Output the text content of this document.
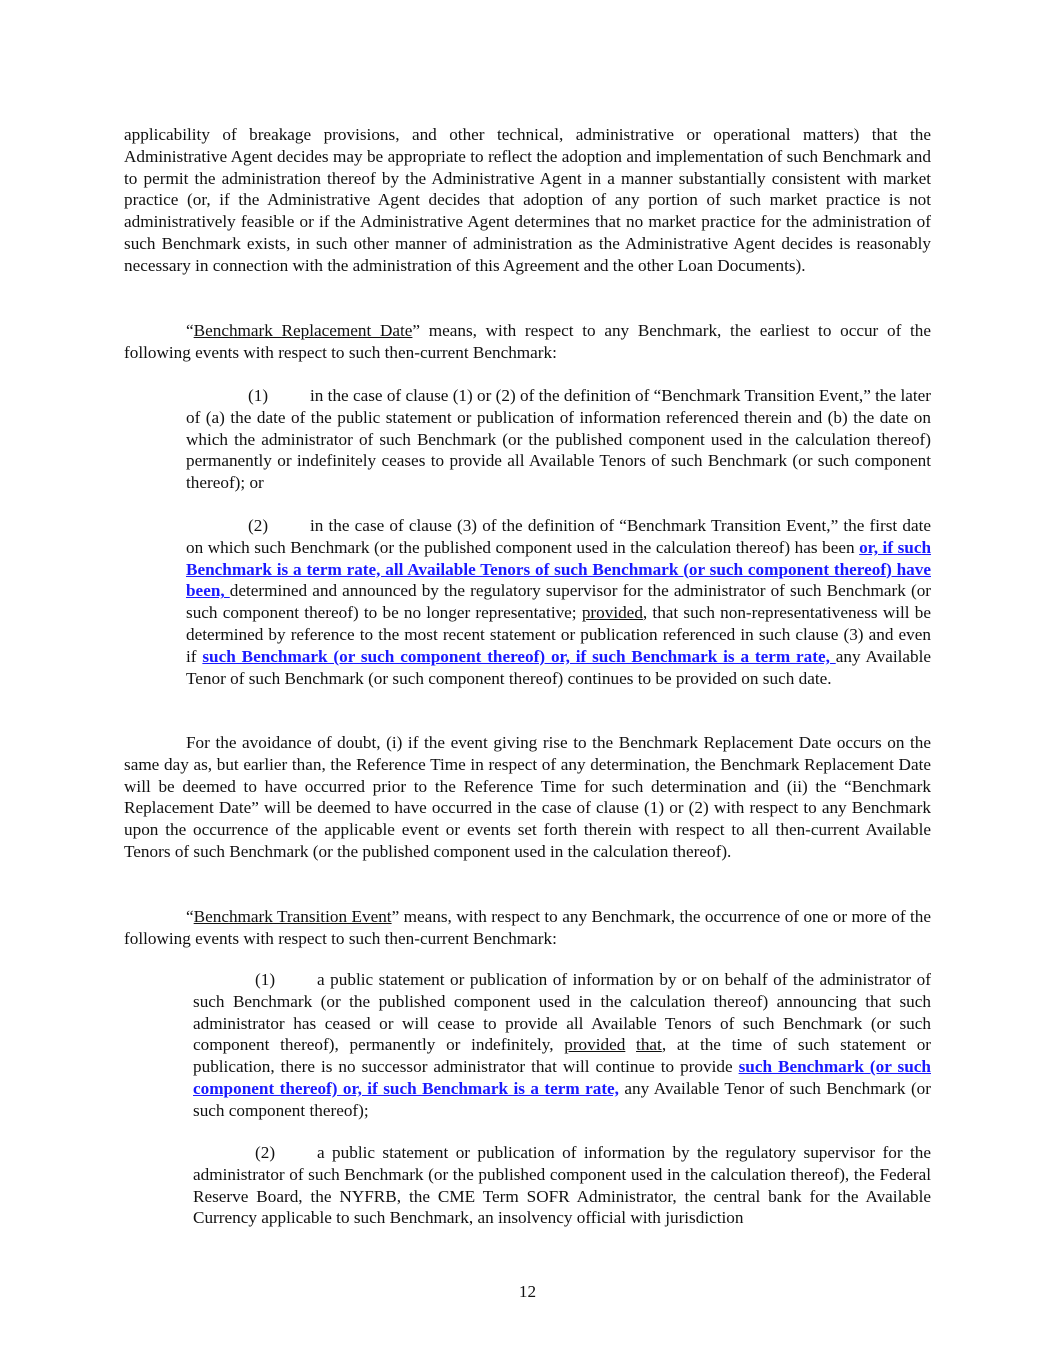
applicability of breakage provisions, and other technical, administrative or operational matters) that the Administrative Agent decides may be appropriate to reflect the adoption and implementation of such Benchmark and to permit the administration thereof by the Administrative Agent in a manner substantially consistent with market practice (or, if the Administrative Agent decides that adoption of any portion of such market practice is not administratively feasible or if the Administrative Agent determines that no market practice for the administration of such Benchmark exists, in such other manner of administration as the Administrative Agent decides is reasonably necessary in connection with the administration of this Agreement and the other Loan Documents).

“Benchmark Replacement Date” means, with respect to any Benchmark, the earliest to occur of the following events with respect to such then-current Benchmark:

(1) in the case of clause (1) or (2) of the definition of “Benchmark Transition Event,” the later of (a) the date of the public statement or publication of information referenced therein and (b) the date on which the administrator of such Benchmark (or the published component used in the calculation thereof) permanently or indefinitely ceases to provide all Available Tenors of such Benchmark (or such component thereof); or

(2) in the case of clause (3) of the definition of “Benchmark Transition Event,” the first date on which such Benchmark (or the published component used in the calculation thereof) has been or, if such Benchmark is a term rate, all Available Tenors of such Benchmark (or such component thereof) have been, determined and announced by the regulatory supervisor for the administrator of such Benchmark (or such component thereof) to be no longer representative; provided, that such non-representativeness will be determined by reference to the most recent statement or publication referenced in such clause (3) and even if such Benchmark (or such component thereof) or, if such Benchmark is a term rate, any Available Tenor of such Benchmark (or such component thereof) continues to be provided on such date.

For the avoidance of doubt, (i) if the event giving rise to the Benchmark Replacement Date occurs on the same day as, but earlier than, the Reference Time in respect of any determination, the Benchmark Replacement Date will be deemed to have occurred prior to the Reference Time for such determination and (ii) the “Benchmark Replacement Date” will be deemed to have occurred in the case of clause (1) or (2) with respect to any Benchmark upon the occurrence of the applicable event or events set forth therein with respect to all then-current Available Tenors of such Benchmark (or the published component used in the calculation thereof).

“Benchmark Transition Event” means, with respect to any Benchmark, the occurrence of one or more of the following events with respect to such then-current Benchmark:

(1) a public statement or publication of information by or on behalf of the administrator of such Benchmark (or the published component used in the calculation thereof) announcing that such administrator has ceased or will cease to provide all Available Tenors of such Benchmark (or such component thereof), permanently or indefinitely, provided that, at the time of such statement or publication, there is no successor administrator that will continue to provide such Benchmark (or such component thereof) or, if such Benchmark is a term rate, any Available Tenor of such Benchmark (or such component thereof);

(2) a public statement or publication of information by the regulatory supervisor for the administrator of such Benchmark (or the published component used in the calculation thereof), the Federal Reserve Board, the NYFRB, the CME Term SOFR Administrator, the central bank for the Available Currency applicable to such Benchmark, an insolvency official with jurisdiction

12
